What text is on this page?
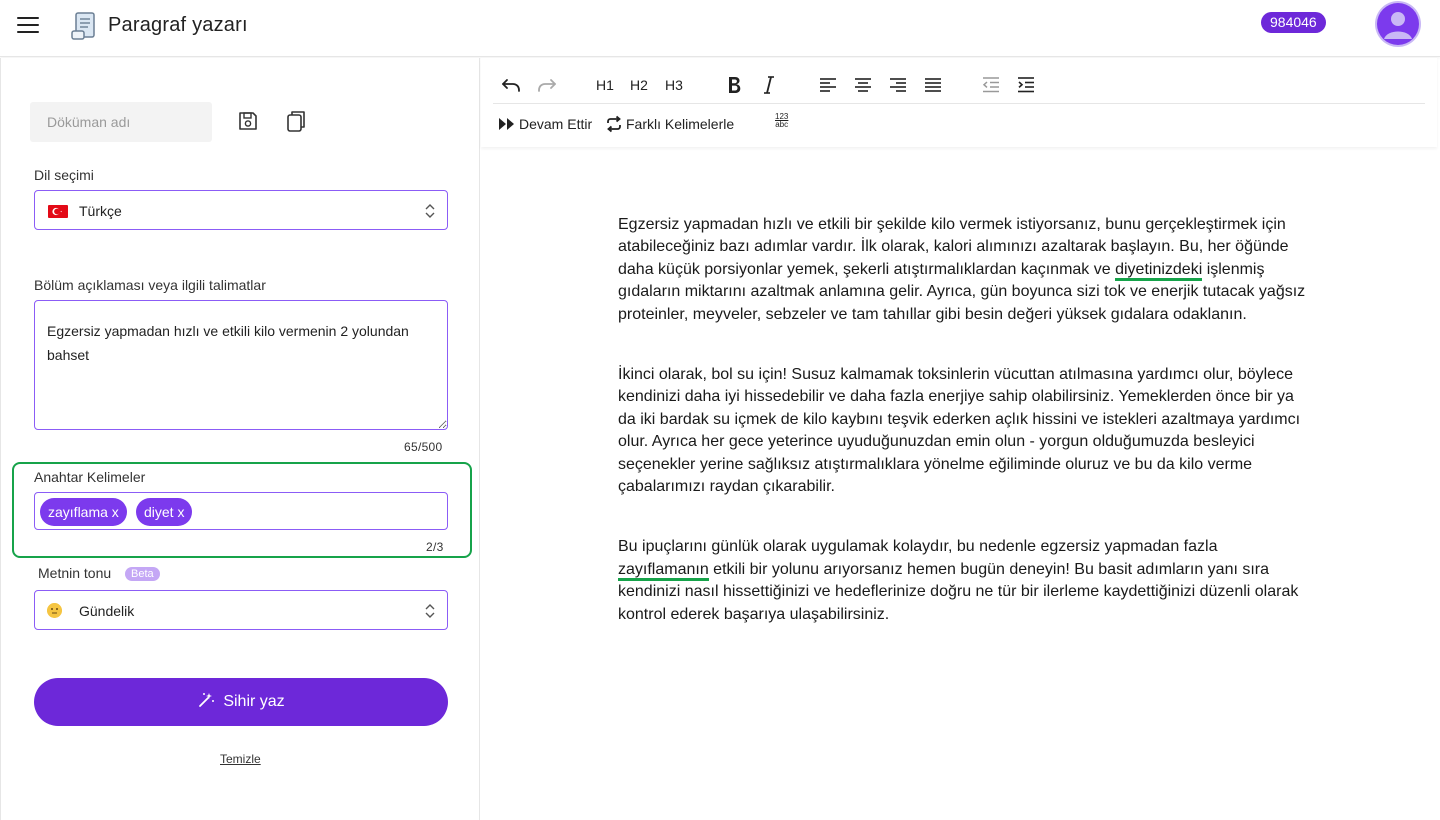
Paragraf yazarı	984046
Döküman adı
Dil seçimi
Türkçe
Bölüm açıklaması veya ilgili talimatlar
Egzersiz yapmadan hızlı ve etkili kilo vermenin 2 yolundan bahset
65/500
Anahtar Kelimeler
zayıflama x	diyet x
2/3
Metnin tonu	Beta
Gündelik
Sihir yaz
Temizle
H1 H2 H3
Devam Ettir Farklı Kelimelerle	123
abc

Egzersiz yapmadan hızlı ve etkili bir şekilde kilo vermek istiyorsanız, bunu gerçekleştirmek için atabileceğiniz bazı adımlar vardır. İlk olarak, kalori alımınızı azaltarak başlayın. Bu, her öğünde daha küçük porsiyonlar yemek, şekerli atıştırmalıklardan kaçınmak ve diyetinizdeki işlenmiş gıdaların miktarını azaltmak anlamına gelir. Ayrıca, gün boyunca sizi tok ve enerjik tutacak yağsız proteinler, meyveler, sebzeler ve tam tahıllar gibi besin değeri yüksek gıdalara odaklanın.

İkinci olarak, bol su için! Susuz kalmamak toksinlerin vücuttan atılmasına yardımcı olur, böylece kendinizi daha iyi hissedebilir ve daha fazla enerjiye sahip olabilirsiniz. Yemeklerden önce bir ya da iki bardak su içmek de kilo kaybını teşvik ederken açlık hissini ve istekleri azaltmaya yardımcı olur. Ayrıca her gece yeterince uyuduğunuzdan emin olun - yorgun olduğumuzda besleyici seçenekler yerine sağlıksız atıştırmalıklara yönelme eğiliminde oluruz ve bu da kilo verme çabalarımızı raydan çıkarabilir.

Bu ipuçlarını günlük olarak uygulamak kolaydır, bu nedenle egzersiz yapmadan fazla zayıflamanın etkili bir yolunu arıyorsanız hemen bugün deneyin! Bu basit adımların yanı sıra kendinizi nasıl hissettiğinizi ve hedeflerinize doğru ne tür bir ilerleme kaydettiğinizi düzenli olarak kontrol ederek başarıya ulaşabilirsiniz.
